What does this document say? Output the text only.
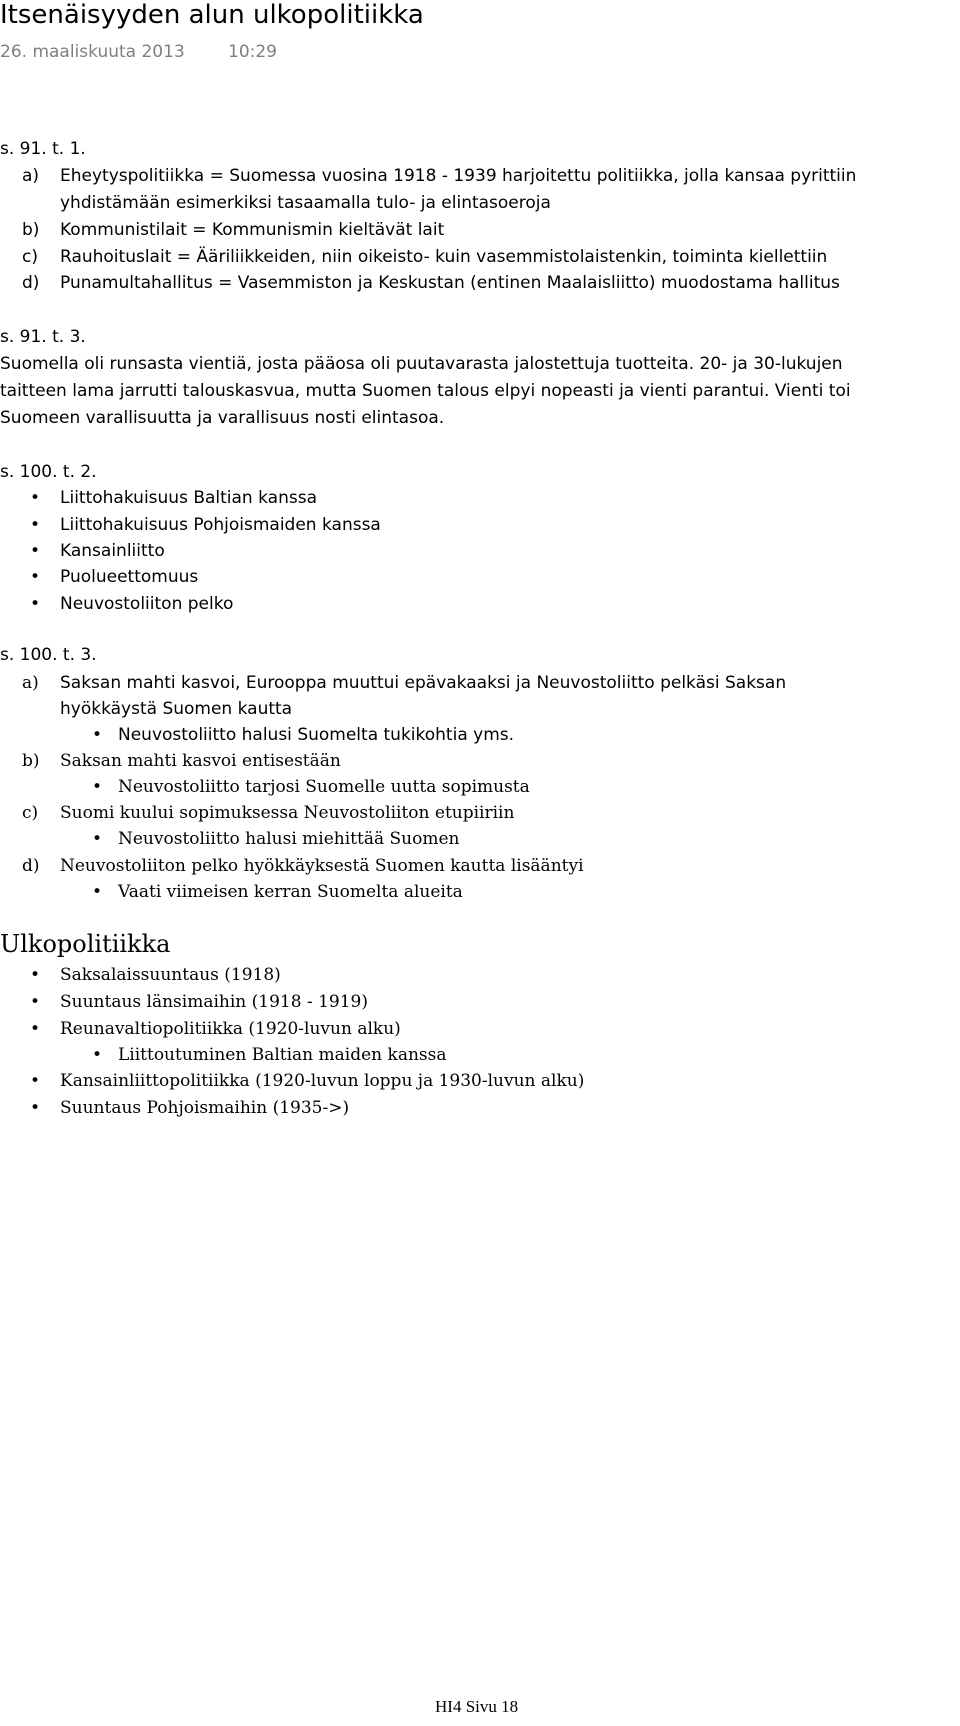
Itsenäisyyden alun ulkopolitiikka
26. maaliskuuta 2013	10:29
s. 91. t. 1.
a) Eheytyspolitiikka = Suomessa vuosina 1918 - 1939 harjoitettu politiikka, jolla kansaa pyrittiin
yhdistämään esimerkiksi tasaamalla tulo- ja elintasoeroja
b) Kommunistilait = Kommunismin kieltävät lait
c) Rauhoituslait = Ääriliikkeiden, niin oikeisto- kuin vasemmistolaistenkin, toiminta kiellettiin
d) Punamultahallitus = Vasemmiston ja Keskustan (entinen Maalaisliitto) muodostama hallitus
s. 91. t. 3.
Suomella oli runsasta vientiä, josta pääosa oli puutavarasta jalostettuja tuotteita. 20- ja 30-lukujen
taitteen lama jarrutti talouskasvua, mutta Suomen talous elpyi nopeasti ja vienti parantui. Vienti toi
Suomeen varallisuutta ja varallisuus nosti elintasoa.
s. 100. t. 2.
• Liittohakuisuus Baltian kanssa
• Liittohakuisuus Pohjoismaiden kanssa
• Kansainliitto
• Puolueettomuus
• Neuvostoliiton pelko
s. 100. t. 3.
a) Saksan mahti kasvoi, Eurooppa muuttui epävakaaksi ja Neuvostoliitto pelkäsi Saksan
hyökkäystä Suomen kautta
• Neuvostoliitto halusi Suomelta tukikohtia yms.
b) Saksan mahti kasvoi entisestään
• Neuvostoliitto tarjosi Suomelle uutta sopimusta
c) Suomi kuului sopimuksessa Neuvostoliiton etupiiriin
• Neuvostoliitto halusi miehittää Suomen
d) Neuvostoliiton pelko hyökkäyksestä Suomen kautta lisääntyi
• Vaati viimeisen kerran Suomelta alueita
Ulkopolitiikka
• Saksalaissuuntaus (1918)
• Suuntaus länsimaihin (1918 - 1919)
• Reunavaltiopolitiikka (1920-luvun alku)
• Liittoutuminen Baltian maiden kanssa
• Kansainliittopolitiikka (1920-luvun loppu ja 1930-luvun alku)
• Suuntaus Pohjoismaihin (1935->)
HI4 Sivu 18
